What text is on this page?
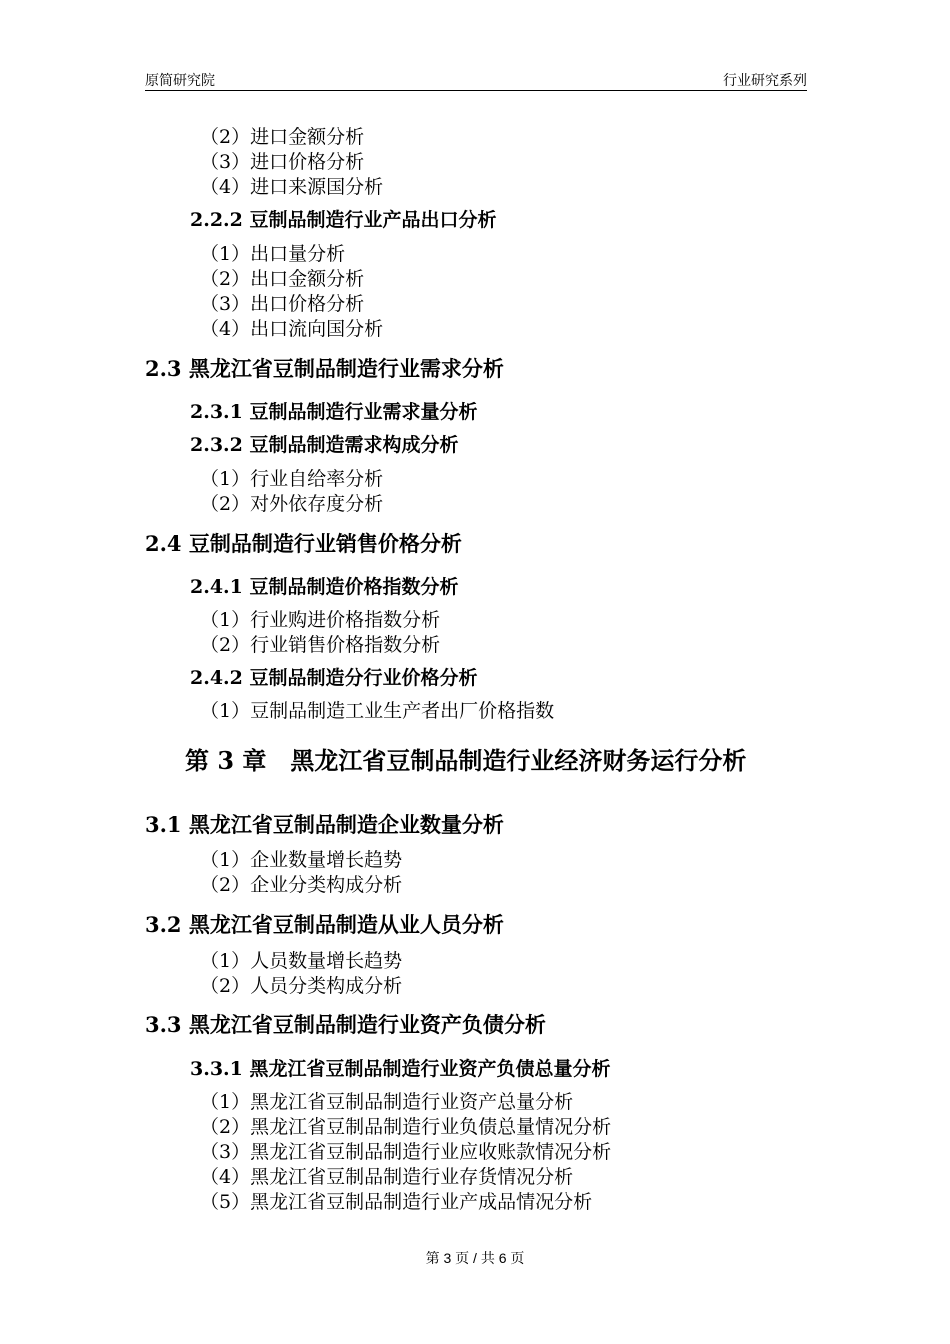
原简研究院	行业研究系列
（2）进口金额分析
（3）进口价格分析
（4）进口来源国分析
2.2.2 豆制品制造行业产品出口分析
（1）出口量分析
（2）出口金额分析
（3）出口价格分析
（4）出口流向国分析
2.3 黑龙江省豆制品制造行业需求分析
2.3.1 豆制品制造行业需求量分析
2.3.2 豆制品制造需求构成分析
（1）行业自给率分析
（2）对外依存度分析
2.4 豆制品制造行业销售价格分析
2.4.1 豆制品制造价格指数分析
（1）行业购进价格指数分析
（2）行业销售价格指数分析
2.4.2 豆制品制造分行业价格分析
（1）豆制品制造工业生产者出厂价格指数
第 3 章　黑龙江省豆制品制造行业经济财务运行分析
3.1 黑龙江省豆制品制造企业数量分析
（1）企业数量增长趋势
（2）企业分类构成分析
3.2 黑龙江省豆制品制造从业人员分析
（1）人员数量增长趋势
（2）人员分类构成分析
3.3 黑龙江省豆制品制造行业资产负债分析
3.3.1 黑龙江省豆制品制造行业资产负债总量分析
（1）黑龙江省豆制品制造行业资产总量分析
（2）黑龙江省豆制品制造行业负债总量情况分析
（3）黑龙江省豆制品制造行业应收账款情况分析
（4）黑龙江省豆制品制造行业存货情况分析
（5）黑龙江省豆制品制造行业产成品情况分析
第 3 页 / 共 6 页
